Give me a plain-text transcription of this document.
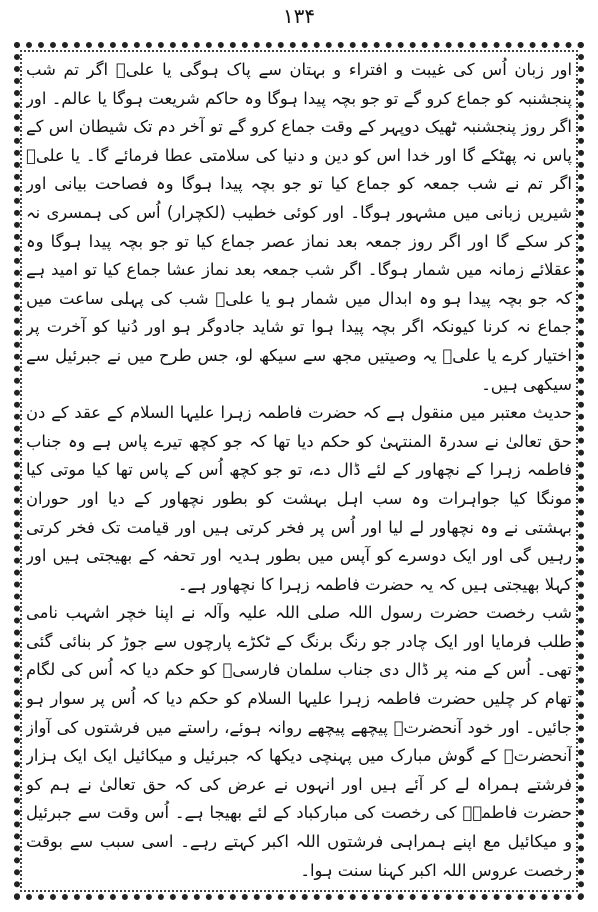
۱۳۴

اور زبان اُس کی غیبت و افتراء و بہتان سے پاک ہوگی یا علیؑ اگر تم شب پنجشنبہ کو جماع کرو گے تو جو بچہ پیدا ہوگا وہ حاکم شریعت ہوگا یا عالم۔ اور اگر روز پنجشنبہ ٹھیک دوپہر کے وقت جماع کرو گے تو آخر دم تک شیطان اس کے پاس نہ پھٹکے گا اور خدا اس کو دین و دنیا کی سلامتی عطا فرمائے گا۔ یا علیؑ اگر تم نے شب جمعہ کو جماع کیا تو جو بچہ پیدا ہوگا وہ فصاحت بیانی اور شیریں زبانی میں مشہور ہوگا۔ اور کوئی خطیب (لکچرار) اُس کی ہمسری نہ کر سکے گا اور اگر روز جمعہ بعد نماز عصر جماع کیا تو جو بچہ پیدا ہوگا وہ عقلائے زمانہ میں شمار ہوگا۔ اگر شب جمعہ بعد نماز عشا جماع کیا تو امید ہے کہ جو بچہ پیدا ہو وہ ابدال میں شمار ہو یا علیؑ شب کی پہلی ساعت میں جماع نہ کرنا کیونکہ اگر بچہ پیدا ہوا تو شاید جادوگر ہو اور دُنیا کو آخرت پر اختیار کرے یا علیؑ یہ وصیتیں مجھ سے سیکھ لو، جس طرح میں نے جبرئیل سے سیکھی ہیں۔

حدیث معتبر میں منقول ہے کہ حضرت فاطمہ زہرا علیہا السلام کے عقد کے دن حق تعالیٰ نے سدرۃ المنتہیٰ کو حکم دیا تھا کہ جو کچھ تیرے پاس ہے وہ جناب فاطمہ زہرا کے نچھاور کے لئے ڈال دے، تو جو کچھ اُس کے پاس تھا کیا موتی کیا مونگا کیا جواہرات وہ سب اہل بہشت کو بطور نچھاور کے دیا اور حوران بہشتی نے وہ نچھاور لے لیا اور اُس پر فخر کرتی ہیں اور قیامت تک فخر کرتی رہیں گی اور ایک دوسرے کو آپس میں بطور ہدیہ اور تحفہ کے بھیجتی ہیں اور کہلا بھیجتی ہیں کہ یہ حضرت فاطمہ زہرا کا نچھاور ہے۔

شب رخصت حضرت رسول اللہ صلی اللہ علیہ وآلہ نے اپنا خچر اشہب نامی طلب فرمایا اور ایک چادر جو رنگ برنگ کے ٹکڑے پارچوں سے جوڑ کر بنائی گئی تھی۔ اُس کے منہ پر ڈال دی جناب سلمان فارسیؓ کو حکم دیا کہ اُس کی لگام تھام کر چلیں حضرت فاطمہ زہرا علیہا السلام کو حکم دیا کہ اُس پر سوار ہو جائیں۔ اور خود آنحضرتؐ پیچھے پیچھے روانہ ہوئے، راستے میں فرشتوں کی آواز آنحضرتؐ کے گوش مبارک میں پہنچی دیکھا کہ جبرئیل و میکائیل ایک ایک ہزار فرشتے ہمراہ لے کر آئے ہیں اور انہوں نے عرض کی کہ حق تعالیٰ نے ہم کو حضرت فاطمہؑ کی رخصت کی مبارکباد کے لئے بھیجا ہے۔ اُس وقت سے جبرئیل و میکائیل مع اپنے ہمراہی فرشتوں اللہ اکبر کہتے رہے۔ اسی سبب سے بوقت رخصت عروس اللہ اکبر کہنا سنت ہوا۔
